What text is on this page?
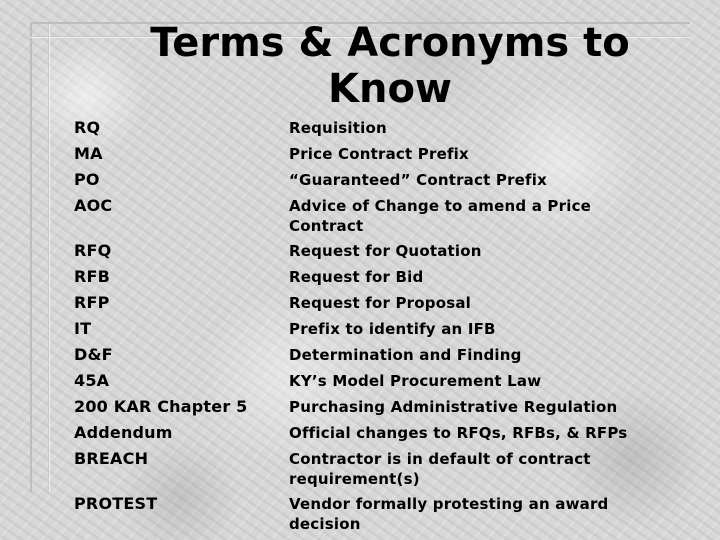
Terms & Acronyms to Know
RQ	Requisition
MA	Price Contract Prefix
PO	“Guaranteed” Contract Prefix
AOC	Advice of Change to amend a Price Contract
RFQ	Request for Quotation
RFB	Request for Bid
RFP	Request for Proposal
IT	Prefix to identify an IFB
D&F	Determination and Finding
45A	KY’s Model Procurement Law
200 KAR Chapter 5	Purchasing Administrative Regulation
Addendum	Official changes to RFQs, RFBs, & RFPs
BREACH	Contractor is in default of contract requirement(s)
PROTEST	Vendor formally protesting an award decision
